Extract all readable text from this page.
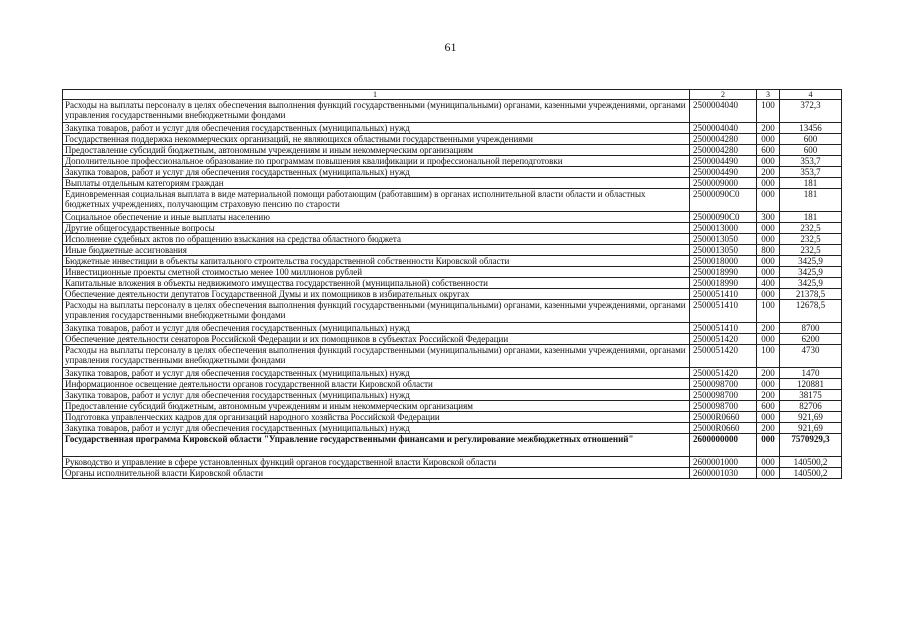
61
1	2	3	4
Расходы на выплаты персоналу в целях обеспечения выполнения функций государственными (муниципальными) органами, казенными учреждениями, органами управления государственными внебюджетными фондами	2500004040	100	372,3
Закупка товаров, работ и услуг для обеспечения государственных (муниципальных) нужд	2500004040	200	13456
Государственная поддержка некоммерческих организаций, не являющихся областными государственными учреждениями	2500004280	000	600
Предоставление субсидий бюджетным, автономным учреждениям и иным некоммерческим организациям	2500004280	600	600
Дополнительное профессиональное образование по программам повышения квалификации и профессиональной переподготовки	2500004490	000	353,7
Закупка товаров, работ и услуг для обеспечения государственных (муниципальных) нужд	2500004490	200	353,7
Выплаты отдельным категориям граждан	2500009000	000	181
Единовременная социальная выплата в виде материальной помощи работающим (работавшим) в органах исполнительной власти области и областных бюджетных учреждениях, получающим страховую пенсию по старости	25000090С0	000	181
Социальное обеспечение и иные выплаты населению	25000090С0	300	181
Другие общегосударственные вопросы	2500013000	000	232,5
Исполнение судебных актов по обращению взыскания на средства областного бюджета	2500013050	000	232,5
Иные бюджетные ассигнования	2500013050	800	232,5
Бюджетные инвестиции в объекты капитального строительства государственной собственности Кировской области	2500018000	000	3425,9
Инвестиционные проекты сметной стоимостью менее 100 миллионов рублей	2500018990	000	3425,9
Капитальные вложения в объекты недвижимого имущества государственной (муниципальной) собственности	2500018990	400	3425,9
Обеспечение деятельности депутатов Государственной Думы и их помощников в избирательных округах	2500051410	000	21378,5
Расходы на выплаты персоналу в целях обеспечения выполнения функций государственными (муниципальными) органами, казенными учреждениями, органами управления государственными внебюджетными фондами	2500051410	100	12678,5
Закупка товаров, работ и услуг для обеспечения государственных (муниципальных) нужд	2500051410	200	8700
Обеспечение деятельности сенаторов Российской Федерации и их помощников в субъектах Российской Федерации	2500051420	000	6200
Расходы на выплаты персоналу в целях обеспечения выполнения функций государственными (муниципальными) органами, казенными учреждениями, органами управления государственными внебюджетными фондами	2500051420	100	4730
Закупка товаров, работ и услуг для обеспечения государственных (муниципальных) нужд	2500051420	200	1470
Информационное освещение деятельности органов государственной власти Кировской области	2500098700	000	120881
Закупка товаров, работ и услуг для обеспечения государственных (муниципальных) нужд	2500098700	200	38175
Предоставление субсидий бюджетным, автономным учреждениям и иным некоммерческим организациям	2500098700	600	82706
Подготовка управленческих кадров для организаций народного хозяйства Российской Федерации	25000R0660	000	921,69
Закупка товаров, работ и услуг для обеспечения государственных (муниципальных) нужд	25000R0660	200	921,69
Государственная программа Кировской области "Управление государственными финансами и регулирование межбюджетных отношений"	2600000000	000	7570929,3
Руководство и управление в сфере установленных функций органов государственной власти Кировской области	2600001000	000	140500,2
Органы исполнительной власти Кировской области	2600001030	000	140500,2
